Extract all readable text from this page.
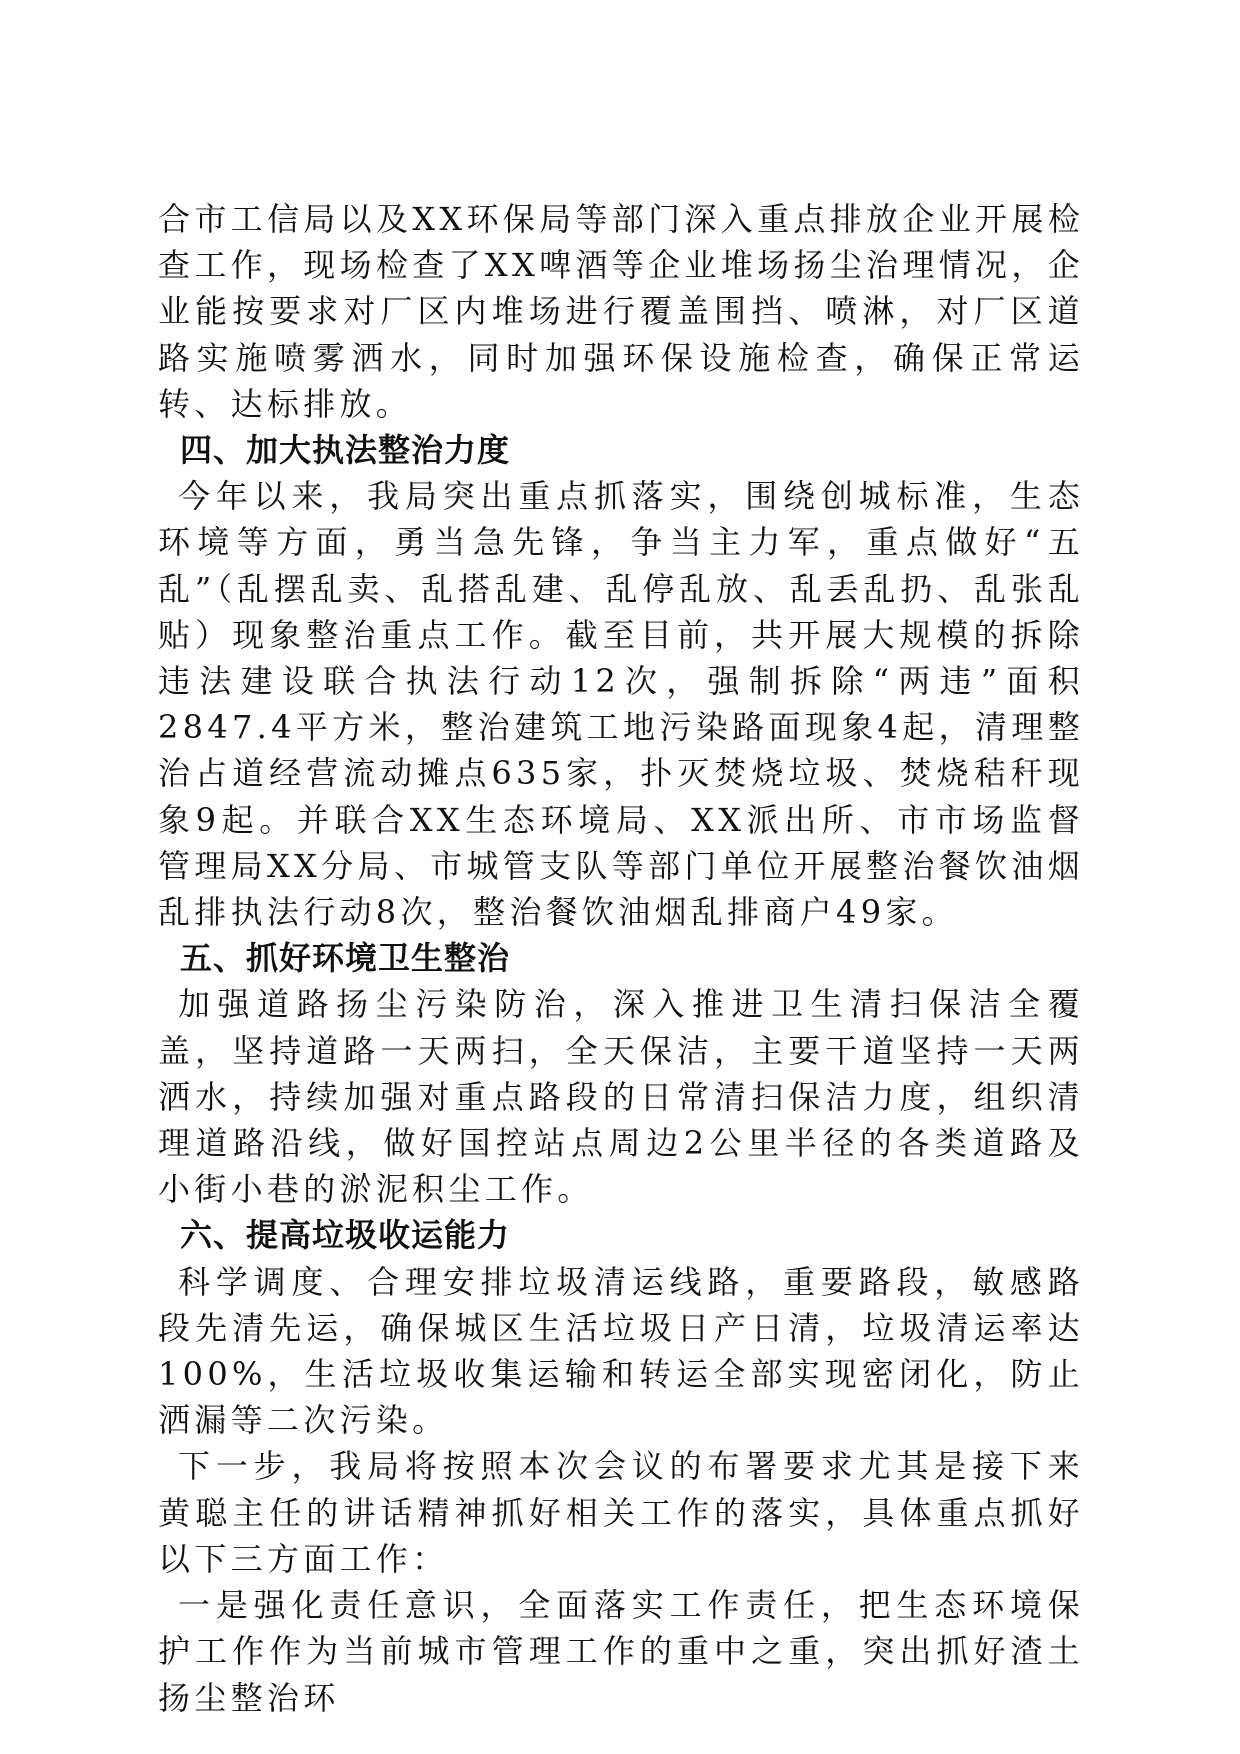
合市工信局以及XX环保局等部门深入重点排放企业开展检查工作，现场检查了XX啤酒等企业堆场扬尘治理情况，企业能按要求对厂区内堆场进行覆盖围挡、喷淋，对厂区道路实施喷雾洒水，同时加强环保设施检查，确保正常运转、达标排放。

四、加大执法整治力度

今年以来，我局突出重点抓落实，围绕创城标准，生态环境等方面，勇当急先锋，争当主力军，重点做好“五乱”（乱摆乱卖、乱搭乱建、乱停乱放、乱丢乱扔、乱张乱贴）现象整治重点工作。截至目前，共开展大规模的拆除违法建设联合执法行动12次，强制拆除“两违”面积2847.4平方米，整治建筑工地污染路面现象4起，清理整治占道经营流动摊点635家，扑灭焚烧垃圾、焚烧秸秆现象9起。并联合XX生态环境局、XX派出所、市市场监督管理局XX分局、市城管支队等部门单位开展整治餐饮油烟乱排执法行动8次，整治餐饮油烟乱排商户49家。

五、抓好环境卫生整治

加强道路扬尘污染防治，深入推进卫生清扫保洁全覆盖，坚持道路一天两扫，全天保洁，主要干道坚持一天两洒水，持续加强对重点路段的日常清扫保洁力度，组织清理道路沿线，做好国控站点周边2公里半径的各类道路及小街小巷的淤泥积尘工作。

六、提高垃圾收运能力

科学调度、合理安排垃圾清运线路，重要路段，敏感路段先清先运，确保城区生活垃圾日产日清，垃圾清运率达100%，生活垃圾收集运输和转运全部实现密闭化，防止洒漏等二次污染。

下一步，我局将按照本次会议的布署要求尤其是接下来黄聪主任的讲话精神抓好相关工作的落实，具体重点抓好以下三方面工作：

一是强化责任意识，全面落实工作责任，把生态环境保护工作作为当前城市管理工作的重中之重，突出抓好渣土扬尘整治环
